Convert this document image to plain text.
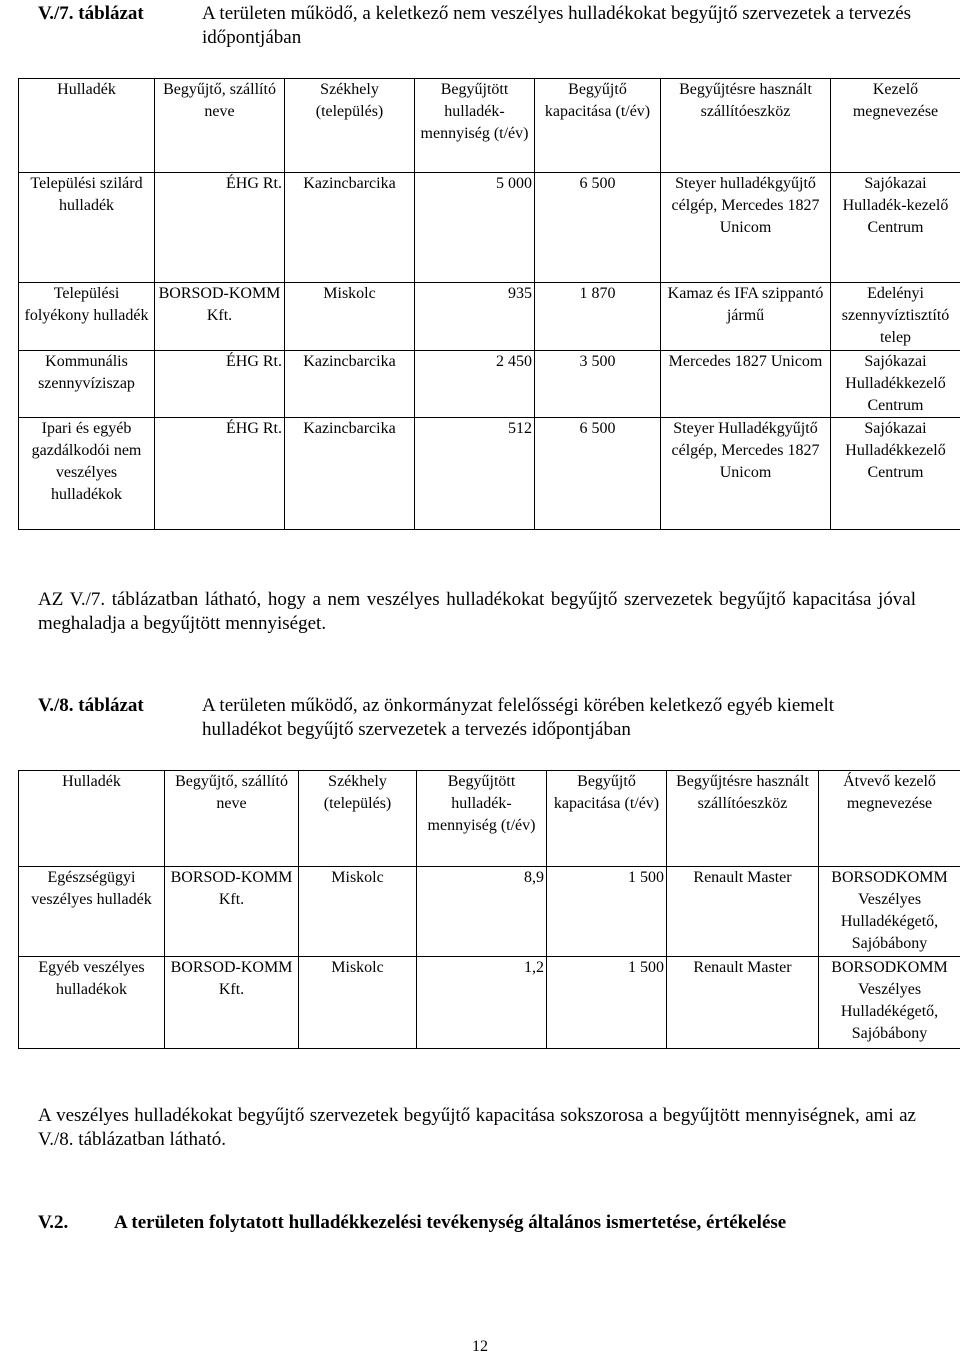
V./7. táblázat	A területen működő, a keletkező nem veszélyes hulladékokat begyűjtő szervezetek a tervezés időpontjában
Hulladék	Begyűjtő, szállító neve	Székhely (település)	Begyűjtött hulladék-mennyiség (t/év)	Begyűjtő kapacitása (t/év)	Begyűjtésre használt szállítóeszköz	Kezelő megnevezése
Települési szilárd hulladék	ÉHG Rt.	Kazincbarcika	5 000	6 500	Steyer hulladékgyűjtő célgép, Mercedes 1827 Unicom	Sajókazai Hulladék-kezelő Centrum
Települési folyékony hulladék	BORSOD-KOMM Kft.	Miskolc	935	1 870	Kamaz és IFA szippantó jármű	Edelényi szennyvíztisztító telep
Kommunális szennyvíziszap	ÉHG Rt.	Kazincbarcika	2 450	3 500	Mercedes 1827 Unicom	Sajókazai Hulladékkezelő Centrum
Ipari és egyéb gazdálkodói nem veszélyes hulladékok	ÉHG Rt.	Kazincbarcika	512	6 500	Steyer Hulladékgyűjtő célgép, Mercedes 1827 Unicom	Sajókazai Hulladékkezelő Centrum
AZ V./7. táblázatban látható, hogy a nem veszélyes hulladékokat begyűjtő szervezetek begyűjtő kapacitása jóval meghaladja a begyűjtött mennyiséget.
V./8. táblázat	A területen működő, az önkormányzat felelősségi körében keletkező egyéb kiemelt hulladékot begyűjtő szervezetek a tervezés időpontjában
Hulladék	Begyűjtő, szállító neve	Székhely (település)	Begyűjtött hulladék-mennyiség (t/év)	Begyűjtő kapacitása (t/év)	Begyűjtésre használt szállítóeszköz	Átvevő kezelő megnevezése
Egészségügyi veszélyes hulladék	BORSOD-KOMM Kft.	Miskolc	8,9	1 500	Renault Master	BORSODKOMM Veszélyes Hulladékégető, Sajóbábony
Egyéb veszélyes hulladékok	BORSOD-KOMM Kft.	Miskolc	1,2	1 500	Renault Master	BORSODKOMM Veszélyes Hulladékégető, Sajóbábony
A veszélyes hulladékokat begyűjtő szervezetek begyűjtő kapacitása sokszorosa a begyűjtött mennyiségnek, ami az V./8. táblázatban látható.
V.2. A területen folytatott hulladékkezelési tevékenység általános ismertetése, értékelése
12
